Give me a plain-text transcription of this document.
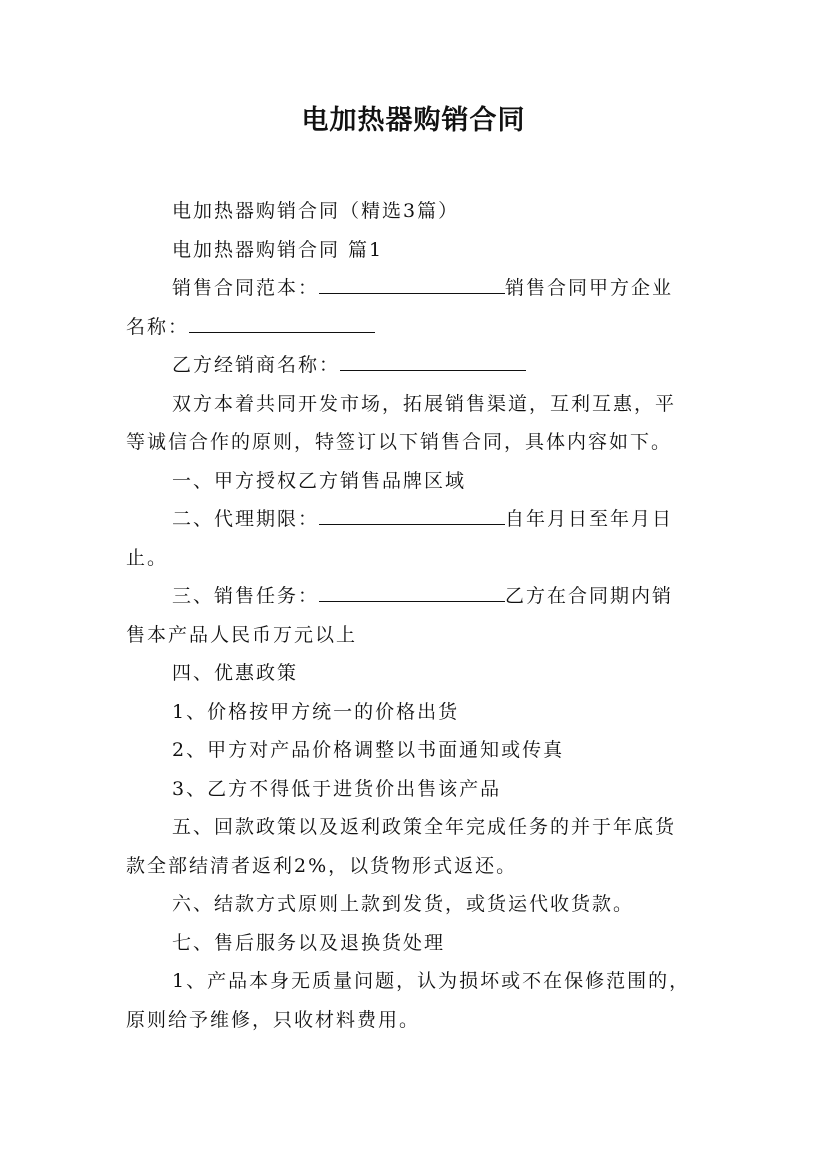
电加热器购销合同
电加热器购销合同（精选3篇）
电加热器购销合同 篇1
销售合同范本：	销售合同甲方企业
名称：
乙方经销商名称：
双方本着共同开发市场，拓展销售渠道，互利互惠，平
等诚信合作的原则，特签订以下销售合同，具体内容如下。
一、甲方授权乙方销售品牌区域
二、代理期限：	自年月日至年月日
止。
三、销售任务：	乙方在合同期内销
售本产品人民币万元以上
四、优惠政策
1、价格按甲方统一的价格出货
2、甲方对产品价格调整以书面通知或传真
3、乙方不得低于进货价出售该产品
五、回款政策以及返利政策全年完成任务的并于年底货
款全部结清者返利2%，以货物形式返还。
六、结款方式原则上款到发货，或货运代收货款。
七、售后服务以及退换货处理
1、产品本身无质量问题，认为损坏或不在保修范围的，
原则给予维修，只收材料费用。
